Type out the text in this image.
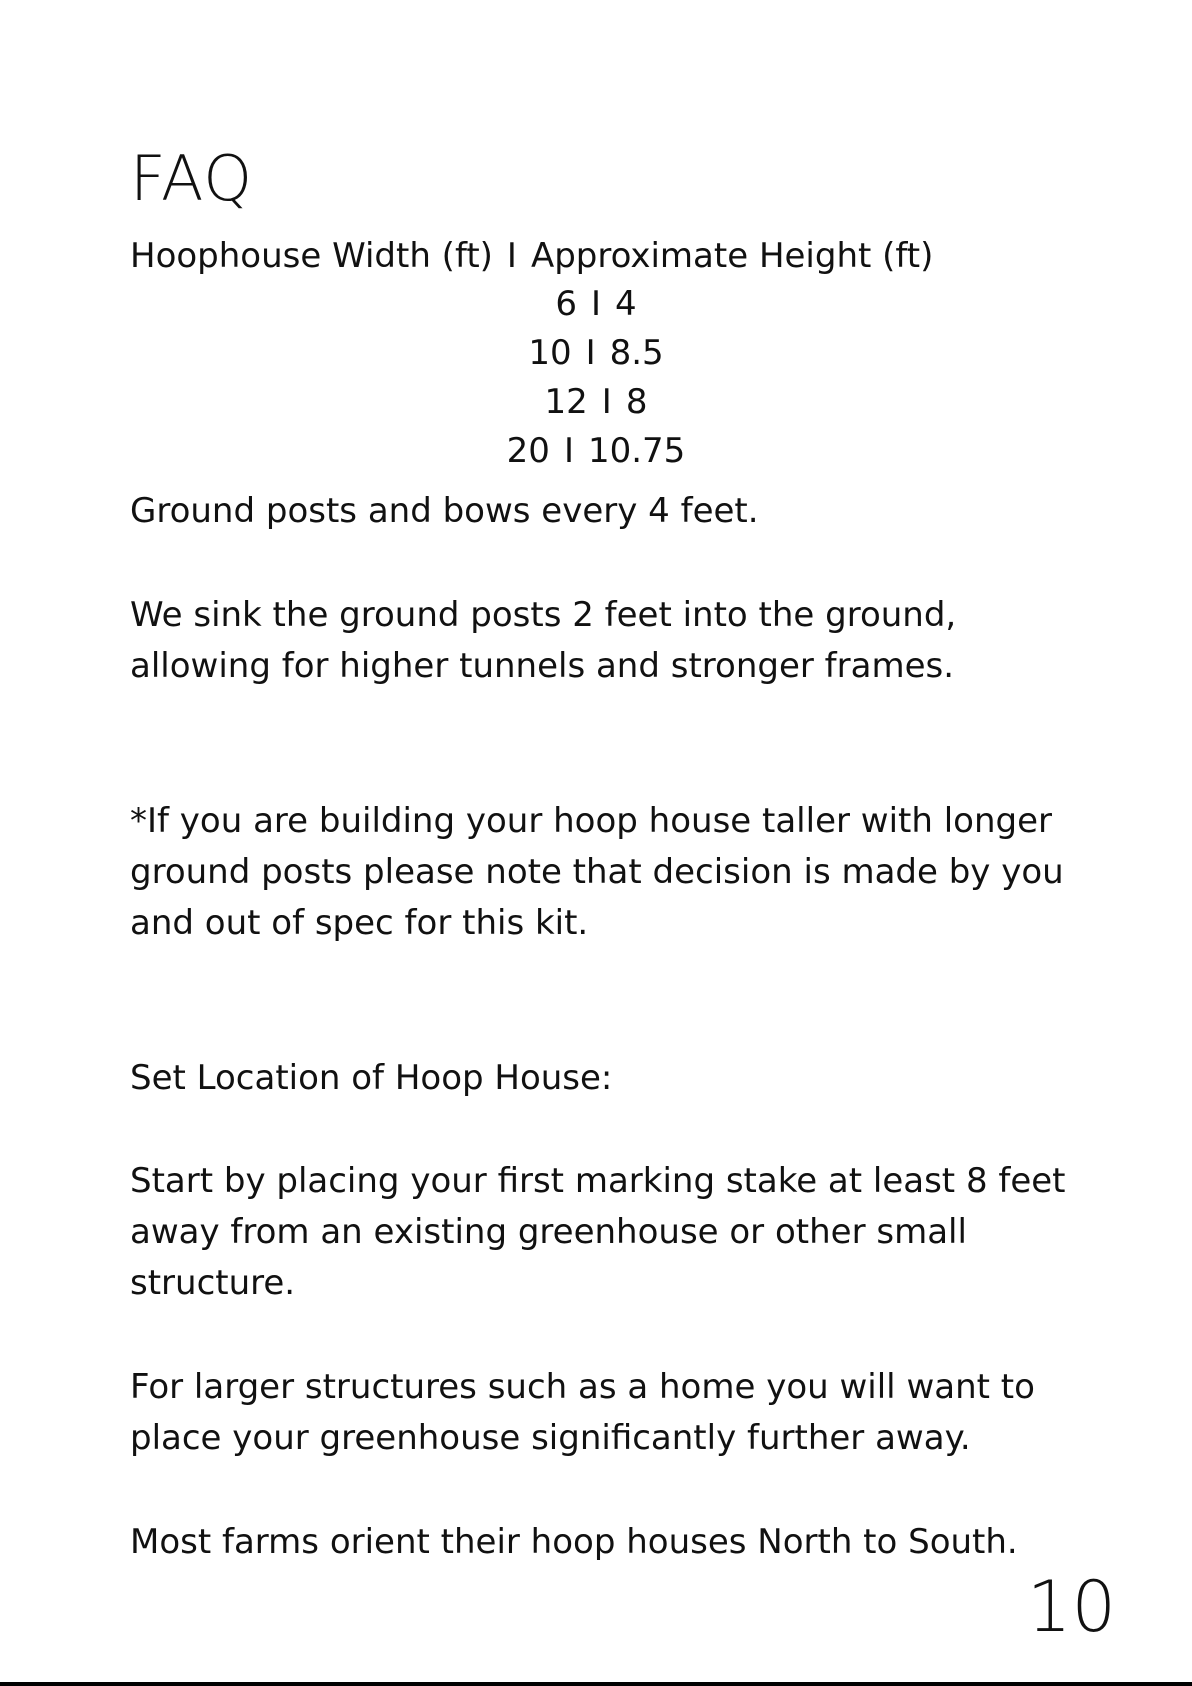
FAQ
Hoophouse Width (ft) I Approximate Height (ft)
6 I 4
10 I 8.5
12 I 8
20 I 10.75

Ground posts and bows every 4 feet.

We sink the ground posts 2 feet into the ground, allowing for higher tunnels and stronger frames.

*If you are building your hoop house taller with longer ground posts please note that decision is made by you and out of spec for this kit.

Set Location of Hoop House:

Start by placing your first marking stake at least 8 feet away from an existing greenhouse or other small structure.

For larger structures such as a home you will want to place your greenhouse significantly further away.

Most farms orient their hoop houses North to South.

10
